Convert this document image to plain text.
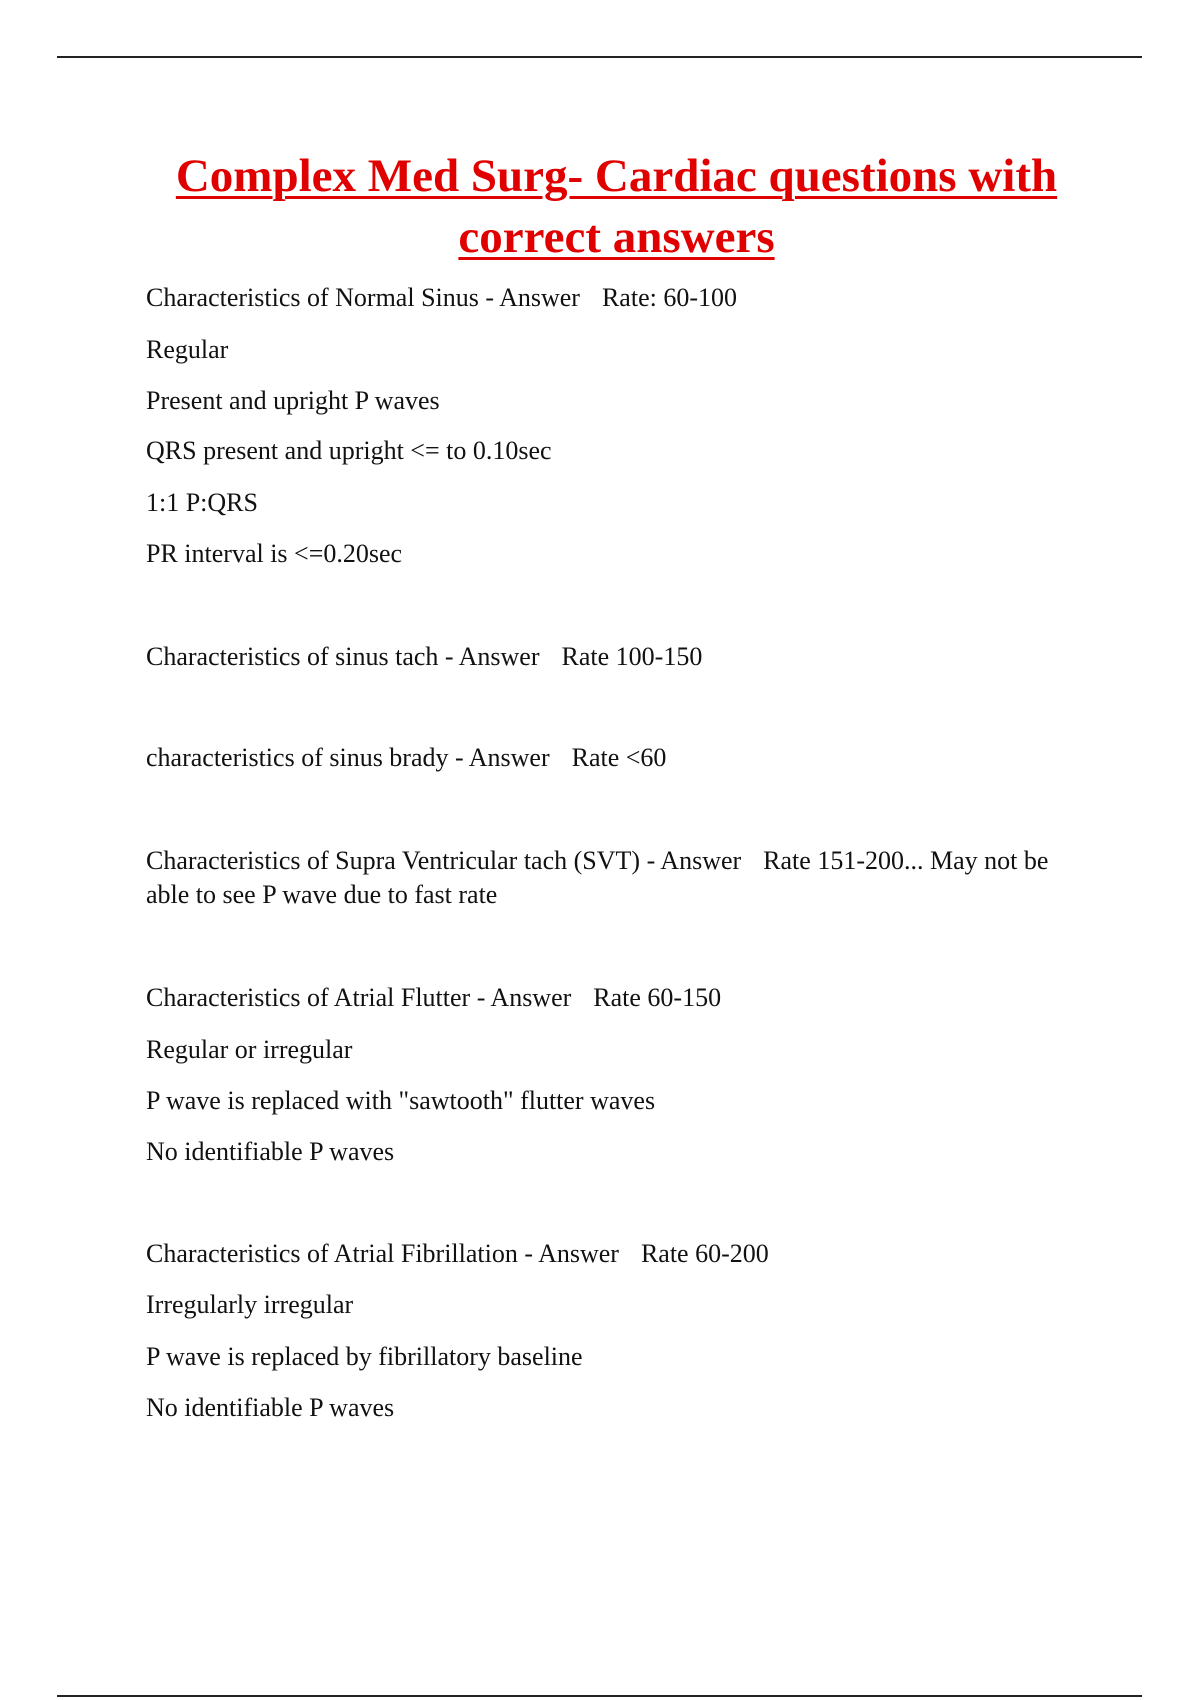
Complex Med Surg- Cardiac questions with correct answers
Characteristics of Normal Sinus - Answer Rate: 60-100
Regular
Present and upright P waves
QRS present and upright <= to 0.10sec
1:1 P:QRS
PR interval is <=0.20sec
Characteristics of sinus tach - Answer Rate 100-150
characteristics of sinus brady - Answer Rate <60
Characteristics of Supra Ventricular tach (SVT) - Answer Rate 151-200... May not be able to see P wave due to fast rate
Characteristics of Atrial Flutter - Answer Rate 60-150
Regular or irregular
P wave is replaced with "sawtooth" flutter waves
No identifiable P waves
Characteristics of Atrial Fibrillation - Answer Rate 60-200
Irregularly irregular
P wave is replaced by fibrillatory baseline
No identifiable P waves
